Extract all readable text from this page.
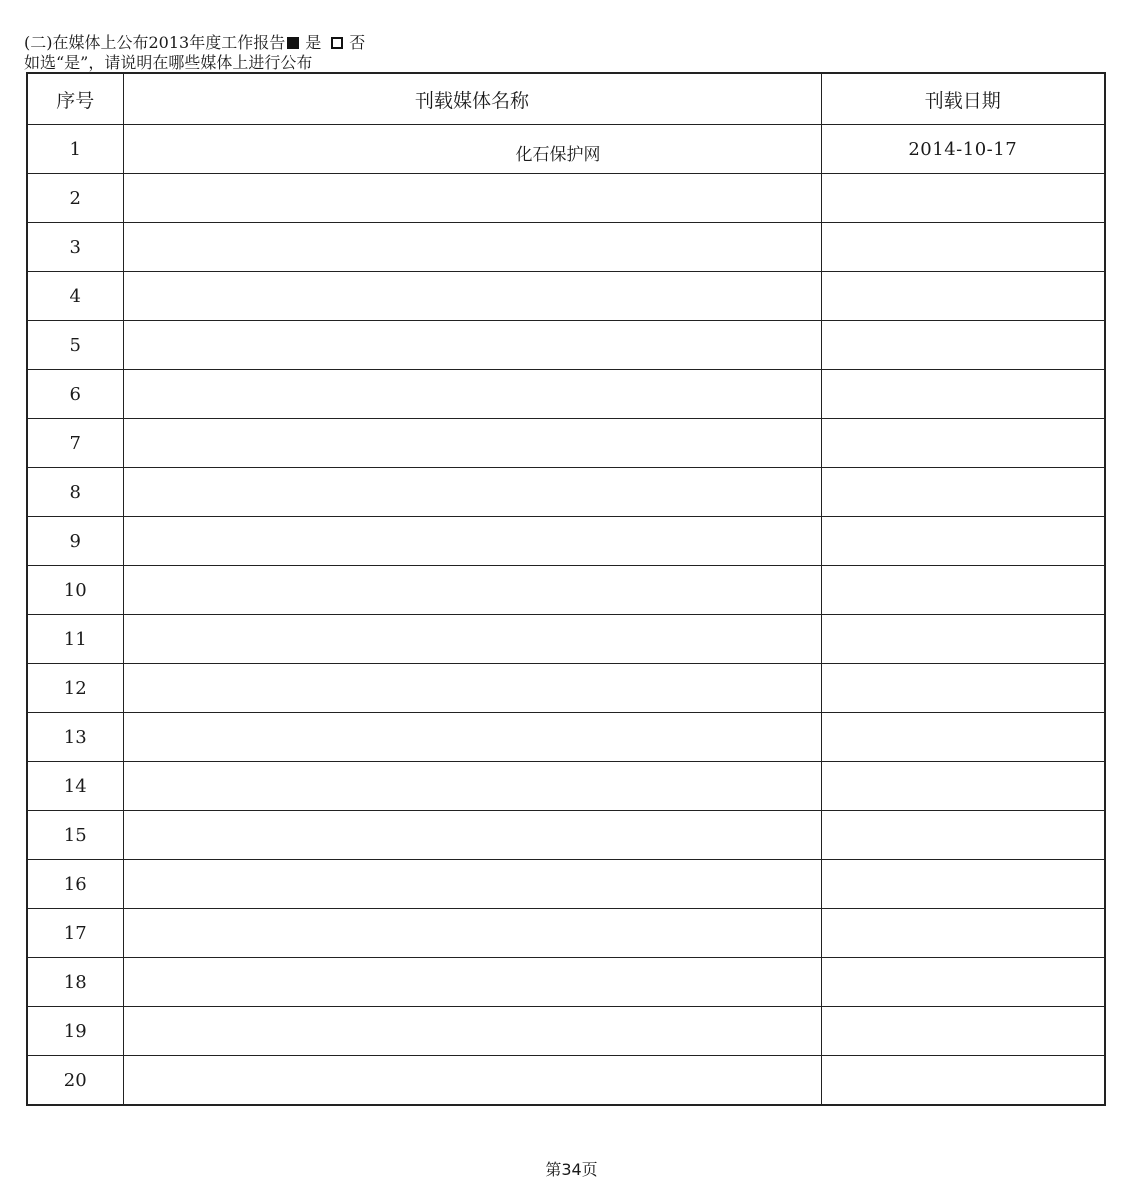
(二)在媒体上公布2013年度工作报告 是 否
如选“是”，请说明在哪些媒体上进行公布
序号	刊载媒体名称	刊载日期
1	化石保护网	2014-10-17
2		
3		
4		
5		
6		
7		
8		
9		
10		
11		
12		
13		
14		
15		
16		
17		
18		
19		
20		
第34页
